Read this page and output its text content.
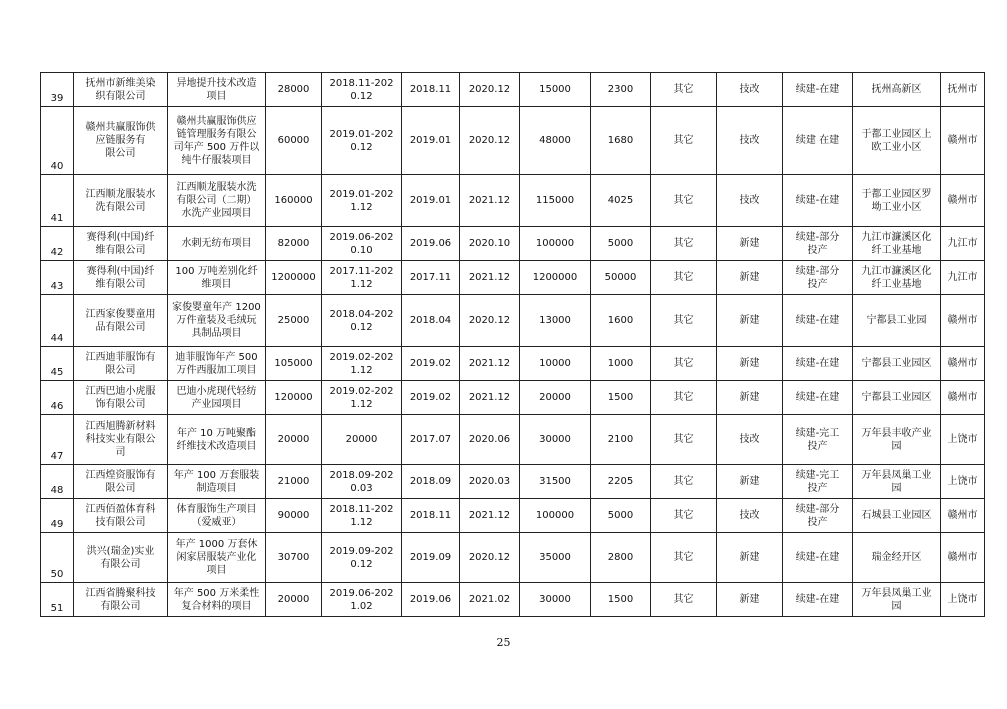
39	抚州市新维美染
织有限公司	异地提升技术改造
项目	28000	2018.11-202
0.12	2018.11	2020.12	15000	2300	其它	技改	续建-在建	抚州高新区	抚州市
40	赣州共赢服饰供
应链服务有
限公司	赣州共赢服饰供应
链管理服务有限公
司年产 500 万件以
纯牛仔服装项目	60000	2019.01-202
0.12	2019.01	2020.12	48000	1680	其它	技改	续建 在建	于都工业园区上
欧工业小区	赣州市
41	江西顺龙服装水
洗有限公司	江西顺龙服装水洗
有限公司（二期）
水洗产业园项目	160000	2019.01-202
1.12	2019.01	2021.12	115000	4025	其它	技改	续建-在建	于都工业园区罗
坳工业小区	赣州市
42	赛得利(中国)纤
维有限公司	水刺无纺布项目	82000	2019.06-202
0.10	2019.06	2020.10	100000	5000	其它	新建	续建-部分
投产	九江市濂溪区化
纤工业基地	九江市
43	赛得利(中国)纤
维有限公司	100 万吨差别化纤
维项目	1200000	2017.11-202
1.12	2017.11	2021.12	1200000	50000	其它	新建	续建-部分
投产	九江市濂溪区化
纤工业基地	九江市
44	江西家俊婴童用
品有限公司	家俊婴童年产 1200
万件童装及毛绒玩
具制品项目	25000	2018.04-202
0.12	2018.04	2020.12	13000	1600	其它	新建	续建-在建	宁都县工业园	赣州市
45	江西迪菲服饰有
限公司	迪菲服饰年产 500
万件西服加工项目	105000	2019.02-202
1.12	2019.02	2021.12	10000	1000	其它	新建	续建-在建	宁都县工业园区	赣州市
46	江西巴迪小虎服
饰有限公司	巴迪小虎现代轻纺
产业园项目	120000	2019.02-202
1.12	2019.02	2021.12	20000	1500	其它	新建	续建-在建	宁都县工业园区	赣州市
47	江西旭腾新材料
科技实业有限公
司	年产 10 万吨聚酯
纤维技术改造项目	20000	20000	2017.07	2020.06	30000	2100	其它	技改	续建-完工
投产	万年县丰收产业
园	上饶市
48	江西煌资服饰有
限公司	年产 100 万套服装
制造项目	21000	2018.09-202
0.03	2018.09	2020.03	31500	2205	其它	新建	续建-完工
投产	万年县凤巢工业
园	上饶市
49	江西佰盈体育科
技有限公司	体育服饰生产项目
（爱威亚）	90000	2018.11-202
1.12	2018.11	2021.12	100000	5000	其它	技改	续建-部分
投产	石城县工业园区	赣州市
50	洪兴(瑞金)实业
有限公司	年产 1000 万套休
闲家居服装产业化
项目	30700	2019.09-202
0.12	2019.09	2020.12	35000	2800	其它	新建	续建-在建	瑞金经开区	赣州市
51	江西省腾聚科技
有限公司	年产 500 万米柔性
复合材料的项目	20000	2019.06-202
1.02	2019.06	2021.02	30000	1500	其它	新建	续建-在建	万年县凤巢工业
园	上饶市
25
